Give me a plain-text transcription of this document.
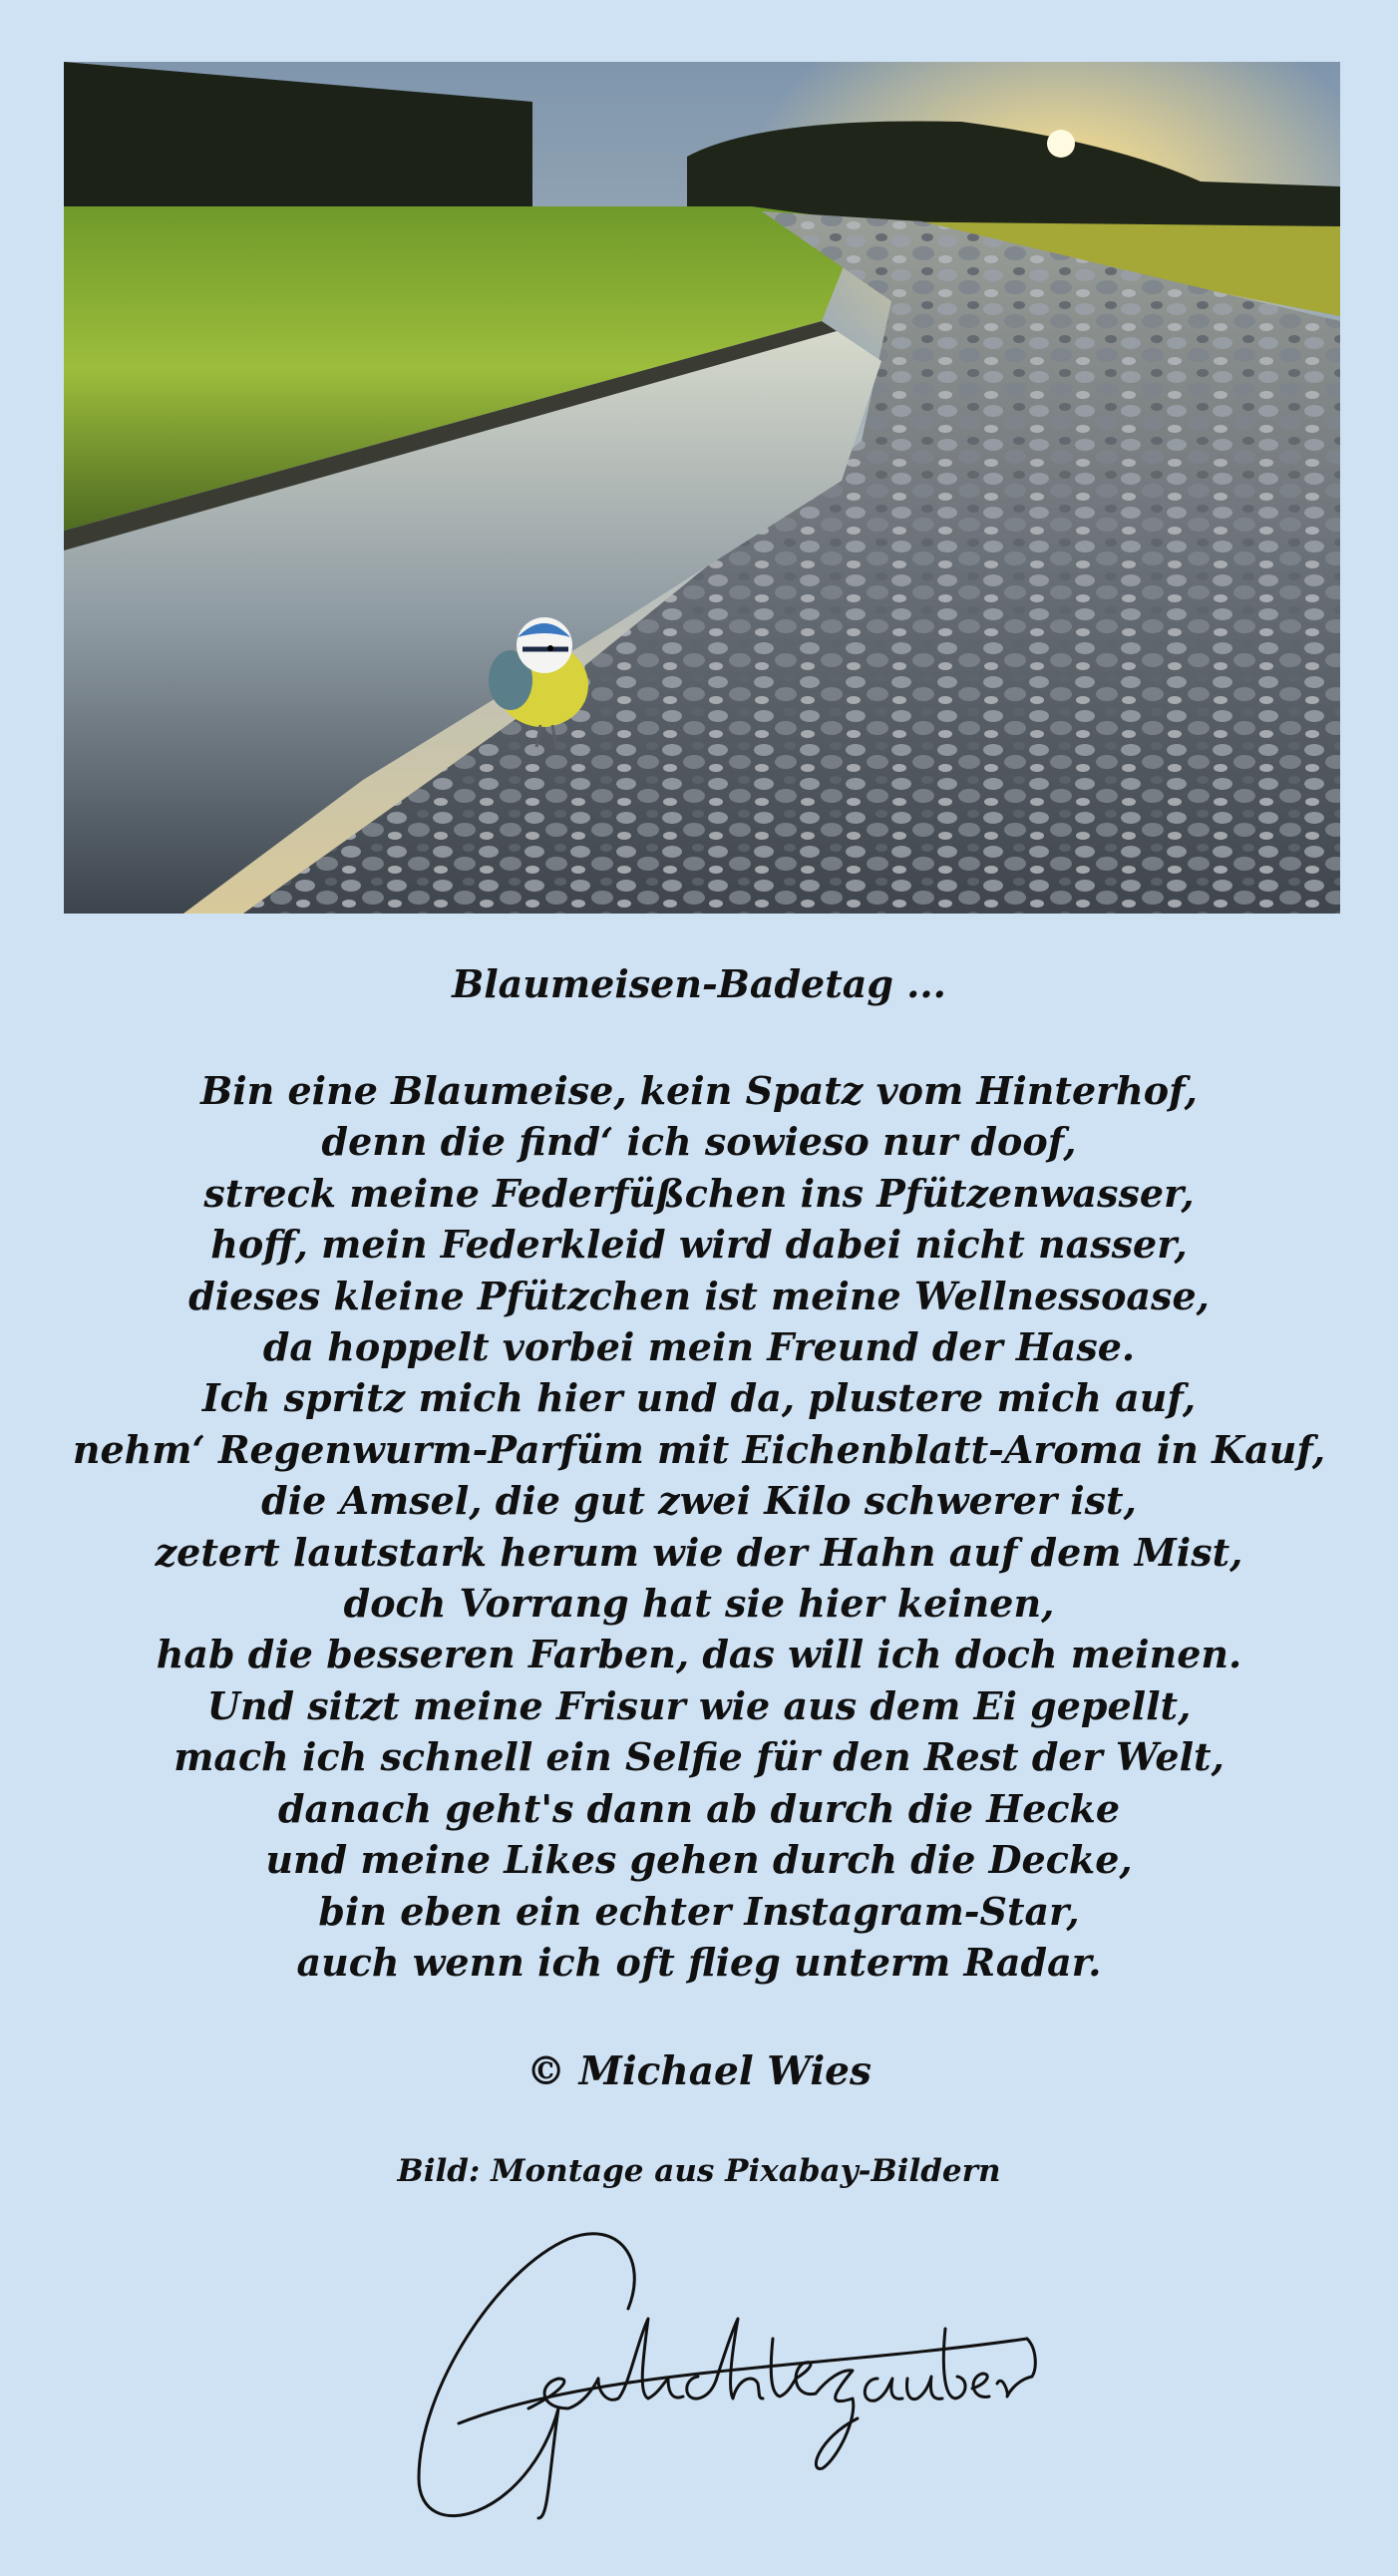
Blaumeisen-Badetag ...
Bin eine Blaumeise, kein Spatz vom Hinterhof,
denn die find‘ ich sowieso nur doof,
streck meine Federfüßchen ins Pfützenwasser,
hoff, mein Federkleid wird dabei nicht nasser,
dieses kleine Pfützchen ist meine Wellnessoase,
da hoppelt vorbei mein Freund der Hase.
Ich spritz mich hier und da, plustere mich auf,
nehm‘ Regenwurm-Parfüm mit Eichenblatt-Aroma in Kauf,
die Amsel, die gut zwei Kilo schwerer ist,
zetert lautstark herum wie der Hahn auf dem Mist,
doch Vorrang hat sie hier keinen,
hab die besseren Farben, das will ich doch meinen.
Und sitzt meine Frisur wie aus dem Ei gepellt,
mach ich schnell ein Selfie für den Rest der Welt,
danach geht's dann ab durch die Hecke
und meine Likes gehen durch die Decke,
bin eben ein echter Instagram-Star,
auch wenn ich oft flieg unterm Radar.
© Michael Wies
Bild: Montage aus Pixabay-Bildern
